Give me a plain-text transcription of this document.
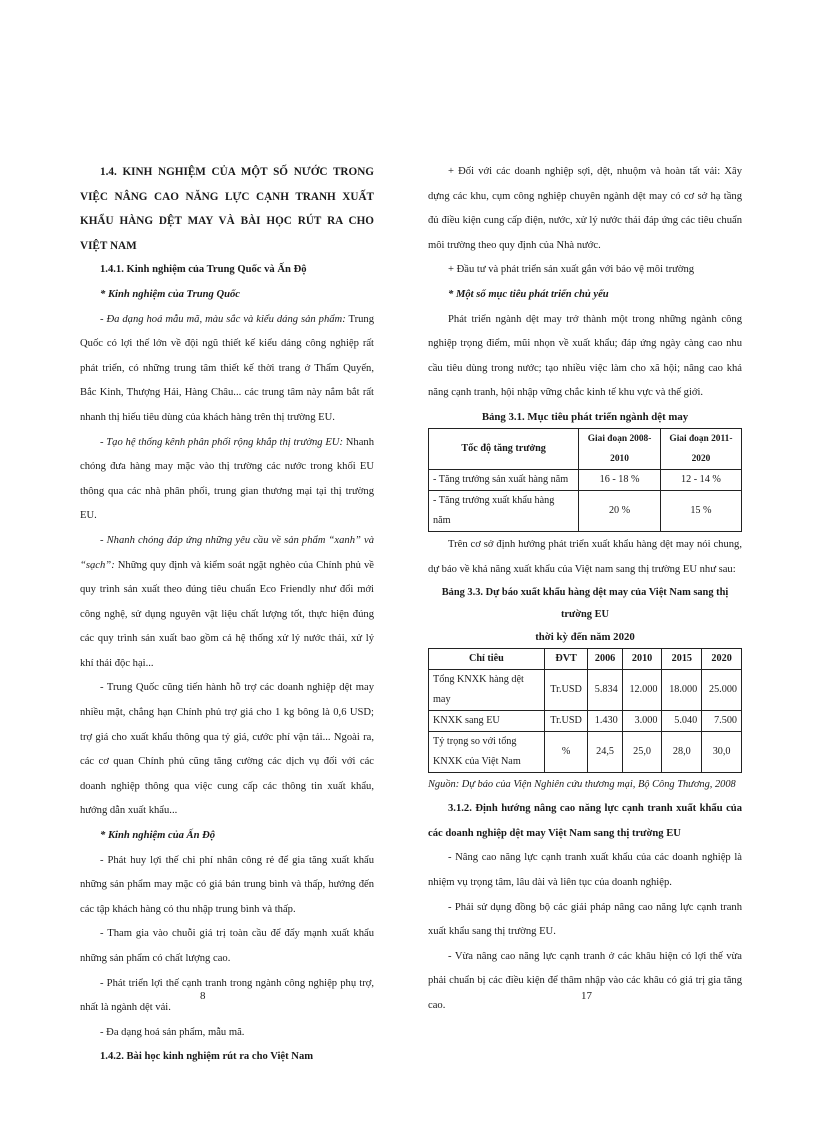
1.4. KINH NGHIỆM CỦA MỘT SỐ NƯỚC TRONG VIỆC NÂNG CAO NĂNG LỰC CẠNH TRANH XUẤT KHẨU HÀNG DỆT MAY VÀ BÀI HỌC RÚT RA CHO VIỆT NAM

1.4.1. Kinh nghiệm của Trung Quốc và Ấn Độ

* Kinh nghiệm của Trung Quốc

- Đa dạng hoá mẫu mã, màu sắc và kiểu dáng sản phẩm: Trung Quốc có lợi thế lớn về đội ngũ thiết kế kiểu dáng công nghiệp rất phát triển, có những trung tâm thiết kế thời trang ở Thẩm Quyến, Bắc Kinh, Thượng Hải, Hàng Châu... các trung tâm này nắm bắt rất nhanh thị hiếu tiêu dùng của khách hàng trên thị trường EU.

- Tạo hệ thống kênh phân phối rộng khắp thị trường EU: Nhanh chóng đưa hàng may mặc vào thị trường các nước trong khối EU thông qua các nhà phân phối, trung gian thương mại tại thị trường EU.

- Nhanh chóng đáp ứng những yêu cầu về sản phẩm “xanh” và “sạch”: Những quy định và kiểm soát ngặt nghèo của Chính phủ về quy trình sản xuất theo đúng tiêu chuẩn Eco Friendly như đổi mới công nghệ, sử dụng nguyên vật liệu chất lượng tốt, thực hiện đúng các quy trình sản xuất bao gồm cả hệ thống xử lý nước thải, xử lý khí thải độc hại...

- Trung Quốc cũng tiến hành hỗ trợ các doanh nghiệp dệt may nhiều mặt, chẳng hạn Chính phủ trợ giá cho 1 kg bông là 0,6 USD; trợ giá cho xuất khẩu thông qua tỷ giá, cước phí vận tải... Ngoài ra, các cơ quan Chính phủ cũng tăng cường các dịch vụ đối với các doanh nghiệp thông qua việc cung cấp các thông tin xuất khẩu, hướng dẫn xuất khẩu...

* Kinh nghiệm của Ấn Độ

- Phát huy lợi thế chi phí nhân công rẻ để gia tăng xuất khẩu những sản phẩm may mặc có giá bán trung bình và thấp, hướng đến các tập khách hàng có thu nhập trung bình và thấp.

- Tham gia vào chuỗi giá trị toàn cầu để đẩy mạnh xuất khẩu những sản phẩm có chất lượng cao.

- Phát triển lợi thế cạnh tranh trong ngành công nghiệp phụ trợ, nhất là ngành dệt vải.

- Đa dạng hoá sản phẩm, mẫu mã.

1.4.2. Bài học kinh nghiệm rút ra cho Việt Nam

8

+ Đối với các doanh nghiệp sợi, dệt, nhuộm và hoàn tất vải: Xây dựng các khu, cụm công nghiệp chuyên ngành dệt may có cơ sở hạ tầng đủ điều kiện cung cấp điện, nước, xử lý nước thải đáp ứng các tiêu chuẩn môi trường theo quy định của Nhà nước.

+ Đầu tư và phát triển sản xuất gắn với bảo vệ môi trường

* Một số mục tiêu phát triển chủ yếu

Phát triển ngành dệt may trở thành một trong những ngành công nghiệp trọng điểm, mũi nhọn về xuất khẩu; đáp ứng ngày càng cao nhu cầu tiêu dùng trong nước; tạo nhiều việc làm cho xã hội; nâng cao khả năng cạnh tranh, hội nhập vững chắc kinh tế khu vực và thế giới.

Bảng 3.1. Mục tiêu phát triển ngành dệt may
Tốc độ tăng trưởng	Giai đoạn 2008-2010	Giai đoạn 2011-2020
- Tăng trưởng sản xuất hàng năm	16 - 18 %	12 - 14 %
- Tăng trưởng xuất khẩu hàng năm	20 %	15 %

Trên cơ sở định hướng phát triển xuất khẩu hàng dệt may nói chung, dự báo về khả năng xuất khẩu của Việt nam sang thị trường EU như sau:

Bảng 3.3. Dự báo xuất khẩu hàng dệt may của Việt Nam sang thị trường EU
thời kỳ đến năm 2020
Chỉ tiêu	ĐVT	2006	2010	2015	2020
Tổng KNXK hàng dệt may	Tr.USD	5.834	12.000	18.000	25.000
KNXK sang EU	Tr.USD	1.430	3.000	5.040	7.500
Tỷ trọng so với tổng KNXK của Việt Nam	%	24,5	25,0	28,0	30,0

Nguồn: Dự báo của Viện Nghiên cứu thương mại, Bộ Công Thương, 2008

3.1.2. Định hướng nâng cao năng lực cạnh tranh xuất khẩu của các doanh nghiệp dệt may Việt Nam sang thị trường EU

- Nâng cao năng lực cạnh tranh xuất khẩu của các doanh nghiệp là nhiệm vụ trọng tâm, lâu dài và liên tục của doanh nghiệp.

- Phải sử dụng đồng bộ các giải pháp nâng cao năng lực cạnh tranh xuất khẩu sang thị trường EU.

- Vừa nâng cao năng lực cạnh tranh ở các khâu hiện có lợi thế vừa phải chuẩn bị các điều kiện để thâm nhập vào các khâu có giá trị gia tăng cao.

17
